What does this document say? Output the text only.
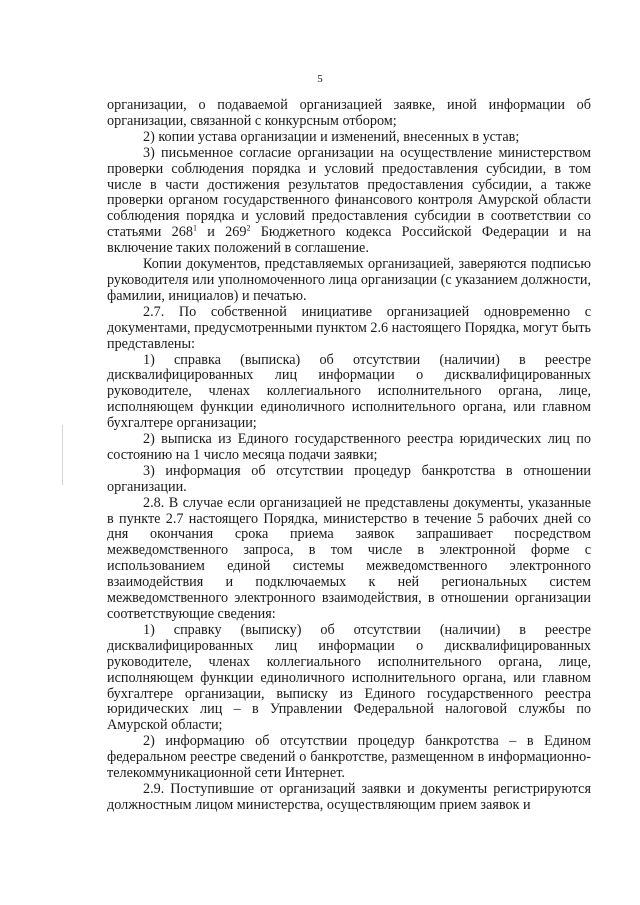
5

организации, о подаваемой организацией заявке, иной информации об организации, связанной с конкурсным отбором;

2) копии устава организации и изменений, внесенных в устав;

3) письменное согласие организации на осуществление министерством проверки соблюдения порядка и условий предоставления субсидии, в том числе в части достижения результатов предоставления субсидии, а также проверки органом государственного финансового контроля Амурской области соблюдения порядка и условий предоставления субсидии в соответствии со статьями $268^1$ и $269^2$ Бюджетного кодекса Российской Федерации и на включение таких положений в соглашение.

Копии документов, представляемых организацией, заверяются подписью руководителя или уполномоченного лица организации (с указанием должности, фамилии, инициалов) и печатью.

2.7. По собственной инициативе организацией одновременно с документами, предусмотренными пунктом 2.6 настоящего Порядка, могут быть представлены:

1) справка (выписка) об отсутствии (наличии) в реестре дисквалифицированных лиц информации о дисквалифицированных руководителе, членах коллегиального исполнительного органа, лице, исполняющем функции единоличного исполнительного органа, или главном бухгалтере организации;

2) выписка из Единого государственного реестра юридических лиц по состоянию на 1 число месяца подачи заявки;

3) информация об отсутствии процедур банкротства в отношении организации.

2.8. В случае если организацией не представлены документы, указанные в пункте 2.7 настоящего Порядка, министерство в течение 5 рабочих дней со дня окончания срока приема заявок запрашивает посредством межведомственного запроса, в том числе в электронной форме с использованием единой системы межведомственного электронного взаимодействия и подключаемых к ней региональных систем межведомственного электронного взаимодействия, в отношении организации соответствующие сведения:

1) справку (выписку) об отсутствии (наличии) в реестре дисквалифицированных лиц информации о дисквалифицированных руководителе, членах коллегиального исполнительного органа, лице, исполняющем функции единоличного исполнительного органа, или главном бухгалтере организации, выписку из Единого государственного реестра юридических лиц – в Управлении Федеральной налоговой службы по Амурской области;

2) информацию об отсутствии процедур банкротства – в Едином федеральном реестре сведений о банкротстве, размещенном в информационно-телекоммуникационной сети Интернет.

2.9. Поступившие от организаций заявки и документы регистрируются должностным лицом министерства, осуществляющим прием заявок и
